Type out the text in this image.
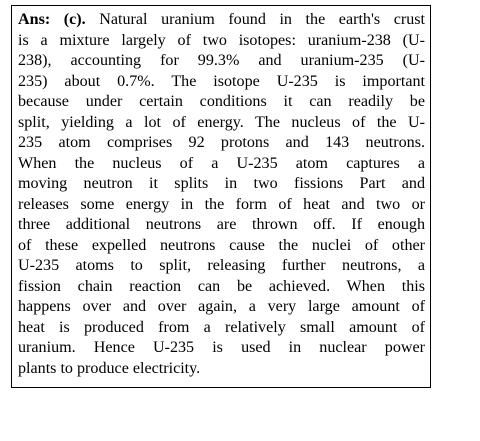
Ans: (c). Natural uranium found in the earth's crust
is a mixture largely of two isotopes: uranium-238 (U-
238), accounting for 99.3% and uranium-235 (U-
235) about 0.7%. The isotope U-235 is important
because under certain conditions it can readily be
split, yielding a lot of energy. The nucleus of the U-
235 atom comprises 92 protons and 143 neutrons.
When the nucleus of a U-235 atom captures a
moving neutron it splits in two fissions Part and
releases some energy in the form of heat and two or
three additional neutrons are thrown off. If enough
of these expelled neutrons cause the nuclei of other
U-235 atoms to split, releasing further neutrons, a
fission chain reaction can be achieved. When this
happens over and over again, a very large amount of
heat is produced from a relatively small amount of
uranium. Hence U-235 is used in nuclear power
plants to produce electricity.
